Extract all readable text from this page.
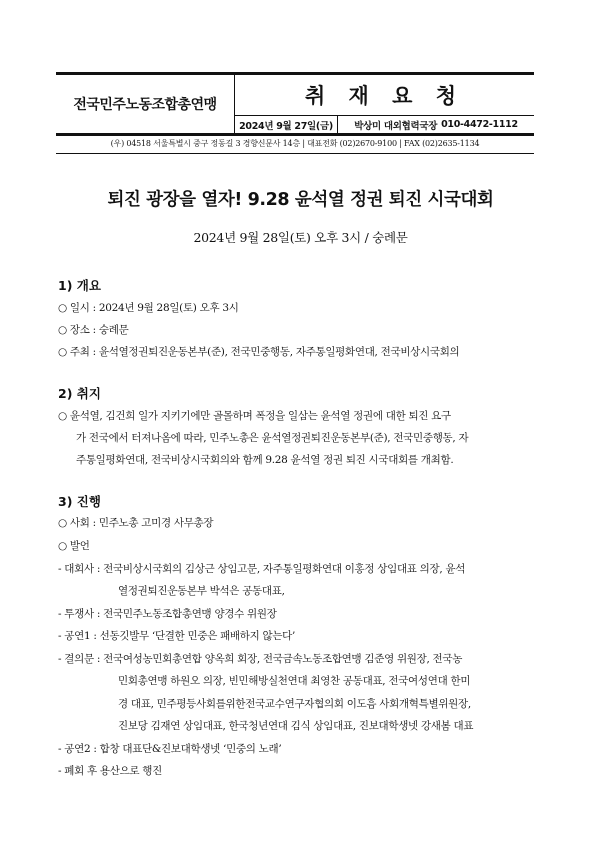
전국민주노동조합총연맹	취 재 요 청
2024년 9월 27일(금)	박상미 대외협력국장 010-4472-1112
(우) 04518 서울특별시 중구 정동길 3 경향신문사 14층 | 대표전화 (02)2670-9100 | FAX (02)2635-1134
퇴진 광장을 열자! 9.28 윤석열 정권 퇴진 시국대회
2024년 9월 28일(토) 오후 3시 / 숭례문
1) 개요
○ 일시 : 2024년 9월 28일(토) 오후 3시
○ 장소 : 숭례문
○ 주최 : 윤석열정권퇴진운동본부(준), 전국민중행동, 자주통일평화연대, 전국비상시국회의
2) 취지
○ 윤석열, 김건희 일가 지키기에만 골몰하며 폭정을 일삼는 윤석열 정권에 대한 퇴진 요구
가 전국에서 터져나옴에 따라, 민주노총은 윤석열정권퇴진운동본부(준), 전국민중행동, 자
주통일평화연대, 전국비상시국회의와 함께 9.28 윤석열 정권 퇴진 시국대회를 개최함.
3) 진행
○ 사회 : 민주노총 고미경 사무총장
○ 발언
- 대회사 : 전국비상시국회의 김상근 상임고문, 자주통일평화연대 이홍정 상임대표 의장, 윤석
열정권퇴진운동본부 박석은 공동대표,
- 투쟁사 : 전국민주노동조합총연맹 양경수 위원장
- 공연1 : 선동깃발무 ‘단결한 민중은 패배하지 않는다’
- 결의문 : 전국여성농민회총연합 양옥희 회장, 전국금속노동조합연맹 김준영 위원장, 전국농
민회총연맹 하원오 의장, 빈민해방실천연대 최영찬 공동대표, 전국여성연대 한미
경 대표, 민주평등사회를위한전국교수연구자협의회 이도흠 사회개혁특별위원장,
진보당 김재연 상임대표, 한국청년연대 김식 상임대표, 진보대학생넷 강새봄 대표
- 공연2 : 합창 대표단&진보대학생넷 ‘민중의 노래’
- 폐회 후 용산으로 행진
